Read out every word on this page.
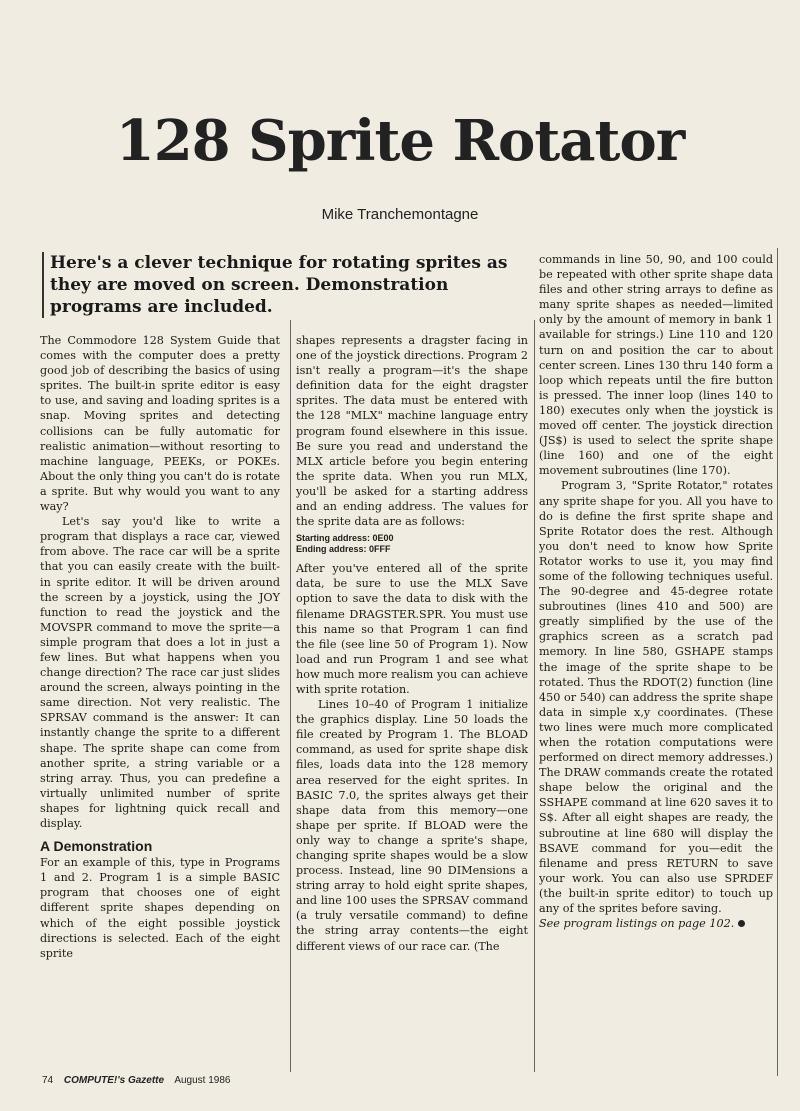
128 Sprite Rotator
Mike Tranchemontagne
Here's a clever technique for rotating sprites as they are moved on screen. Demonstration programs are included.

The Commodore 128 System Guide that comes with the computer does a pretty good job of describing the basics of using sprites. The built-in sprite editor is easy to use, and saving and loading sprites is a snap. Moving sprites and detecting collisions can be fully automatic for realistic animation—without resorting to machine language, PEEKs, or POKEs. About the only thing you can't do is rotate a sprite. But why would you want to any way?

Let's say you'd like to write a program that displays a race car, viewed from above. The race car will be a sprite that you can easily create with the built-in sprite editor. It will be driven around the screen by a joystick, using the JOY function to read the joystick and the MOVSPR command to move the sprite—a simple program that does a lot in just a few lines. But what happens when you change direction? The race car just slides around the screen, always pointing in the same direction. Not very realistic. The SPRSAV command is the answer: It can instantly change the sprite to a different shape. The sprite shape can come from another sprite, a string variable or a string array. Thus, you can predefine a virtually unlimited number of sprite shapes for lightning quick recall and display.

A Demonstration

For an example of this, type in Programs 1 and 2. Program 1 is a simple BASIC program that chooses one of eight different sprite shapes depending on which of the eight possible joystick directions is selected. Each of the eight sprite

shapes represents a dragster facing in one of the joystick directions. Program 2 isn't really a program—it's the shape definition data for the eight dragster sprites. The data must be entered with the 128 "MLX" machine language entry program found elsewhere in this issue. Be sure you read and understand the MLX article before you begin entering the sprite data. When you run MLX, you'll be asked for a starting address and an ending address. The values for the sprite data are as follows:

Starting address: 0E00
Ending address: 0FFF

After you've entered all of the sprite data, be sure to use the MLX Save option to save the data to disk with the filename DRAGSTER.SPR. You must use this name so that Program 1 can find the file (see line 50 of Program 1). Now load and run Program 1 and see what how much more realism you can achieve with sprite rotation.

Lines 10–40 of Program 1 initialize the graphics display. Line 50 loads the file created by Program 1. The BLOAD command, as used for sprite shape disk files, loads data into the 128 memory area reserved for the eight sprites. In BASIC 7.0, the sprites always get their shape data from this memory—one shape per sprite. If BLOAD were the only way to change a sprite's shape, changing sprite shapes would be a slow process. Instead, line 90 DIMensions a string array to hold eight sprite shapes, and line 100 uses the SPRSAV command (a truly versatile command) to define the string array contents—the eight different views of our race car. (The

commands in line 50, 90, and 100 could be repeated with other sprite shape data files and other string arrays to define as many sprite shapes as needed—limited only by the amount of memory in bank 1 available for strings.) Line 110 and 120 turn on and position the car to about center screen. Lines 130 thru 140 form a loop which repeats until the fire button is pressed. The inner loop (lines 140 to 180) executes only when the joystick is moved off center. The joystick direction (JS$) is used to select the sprite shape (line 160) and one of the eight movement subroutines (line 170).

Program 3, "Sprite Rotator," rotates any sprite shape for you. All you have to do is define the first sprite shape and Sprite Rotator does the rest. Although you don't need to know how Sprite Rotator works to use it, you may find some of the following techniques useful. The 90-degree and 45-degree rotate subroutines (lines 410 and 500) are greatly simplified by the use of the graphics screen as a scratch pad memory. In line 580, GSHAPE stamps the image of the sprite shape to be rotated. Thus the RDOT(2) function (line 450 or 540) can address the sprite shape data in simple x,y coordinates. (These two lines were much more complicated when the rotation computations were performed on direct memory addresses.) The DRAW commands create the rotated shape below the original and the SSHAPE command at line 620 saves it to S$. After all eight shapes are ready, the subroutine at line 680 will display the BSAVE command for you—edit the filename and press RETURN to save your work. You can also use SPRDEF (the built-in sprite editor) to touch up any of the sprites before saving.

See program listings on page 102.

74 COMPUTE!'s Gazette August 1986
